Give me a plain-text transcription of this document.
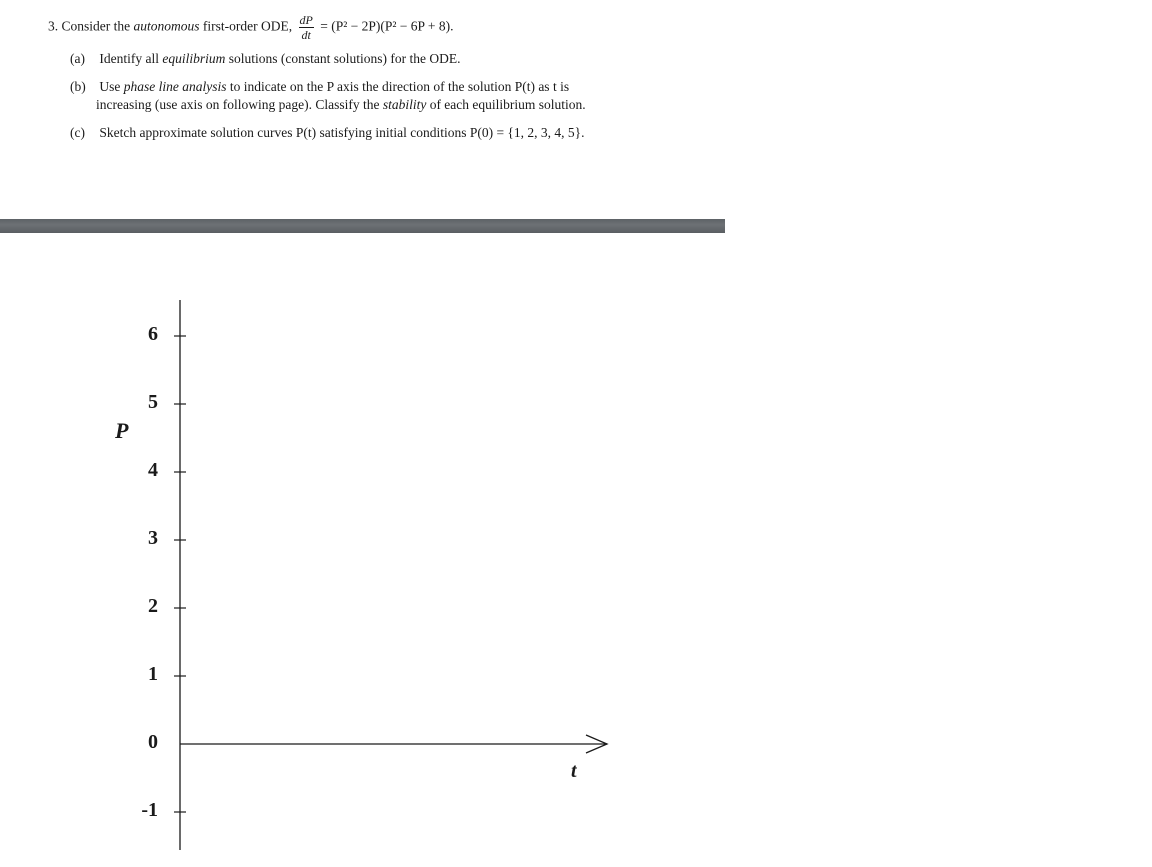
3. Consider the autonomous first-order ODE, $\frac{dP}{dt} = (P^2 - 2P)(P^2 - 6P + 8)$.
(a) Identify all equilibrium solutions (constant solutions) for the ODE.
(b) Use phase line analysis to indicate on the P axis the direction of the solution P(t) as t is
increasing (use axis on following page). Classify the stability of each equilibrium solution.
(c) Sketch approximate solution curves P(t) satisfying initial conditions P(0) = {1, 2, 3, 4, 5}.
6
5
4
3
2
1
0
-1
P
t
